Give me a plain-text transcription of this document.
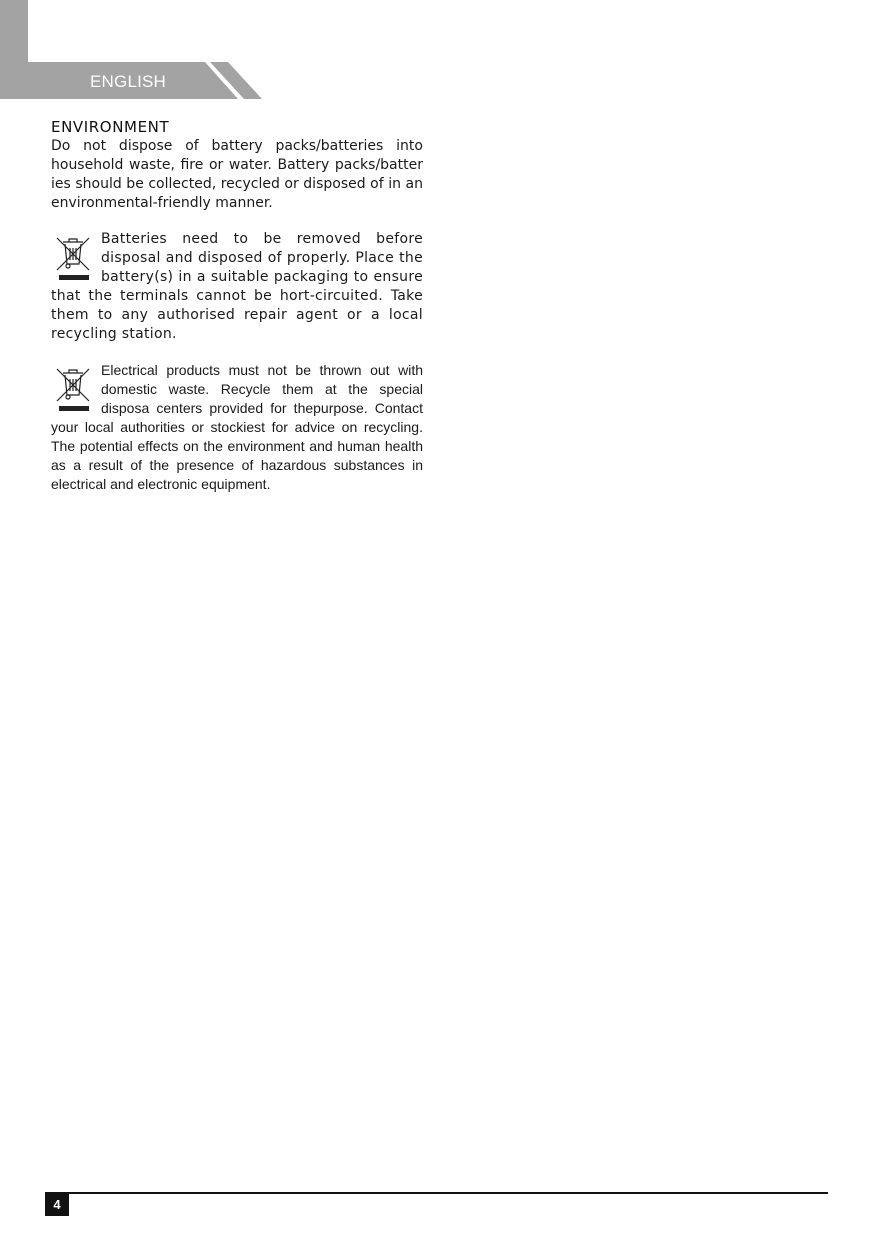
ENGLISH
ENVIRONMENT

Do not dispose of battery packs/batteries into household waste, fire or water. Battery packs/batter ies should be collected, recycled or disposed of in an environmental-friendly manner.

Batteries need to be removed before disposal and disposed of properly. Place the battery(s) in a suitable packaging to ensure that the terminals cannot be hort-circuited. Take them to any authorised repair agent or a local recycling station.

Electrical products must not be thrown out with domestic waste. Recycle them at the special disposa centers provided for thepurpose. Contact your local authorities or stockiest for advice on recycling. The potential effects on the environment and human health as a result of the presence of hazardous substances in electrical and electronic equipment.

4
